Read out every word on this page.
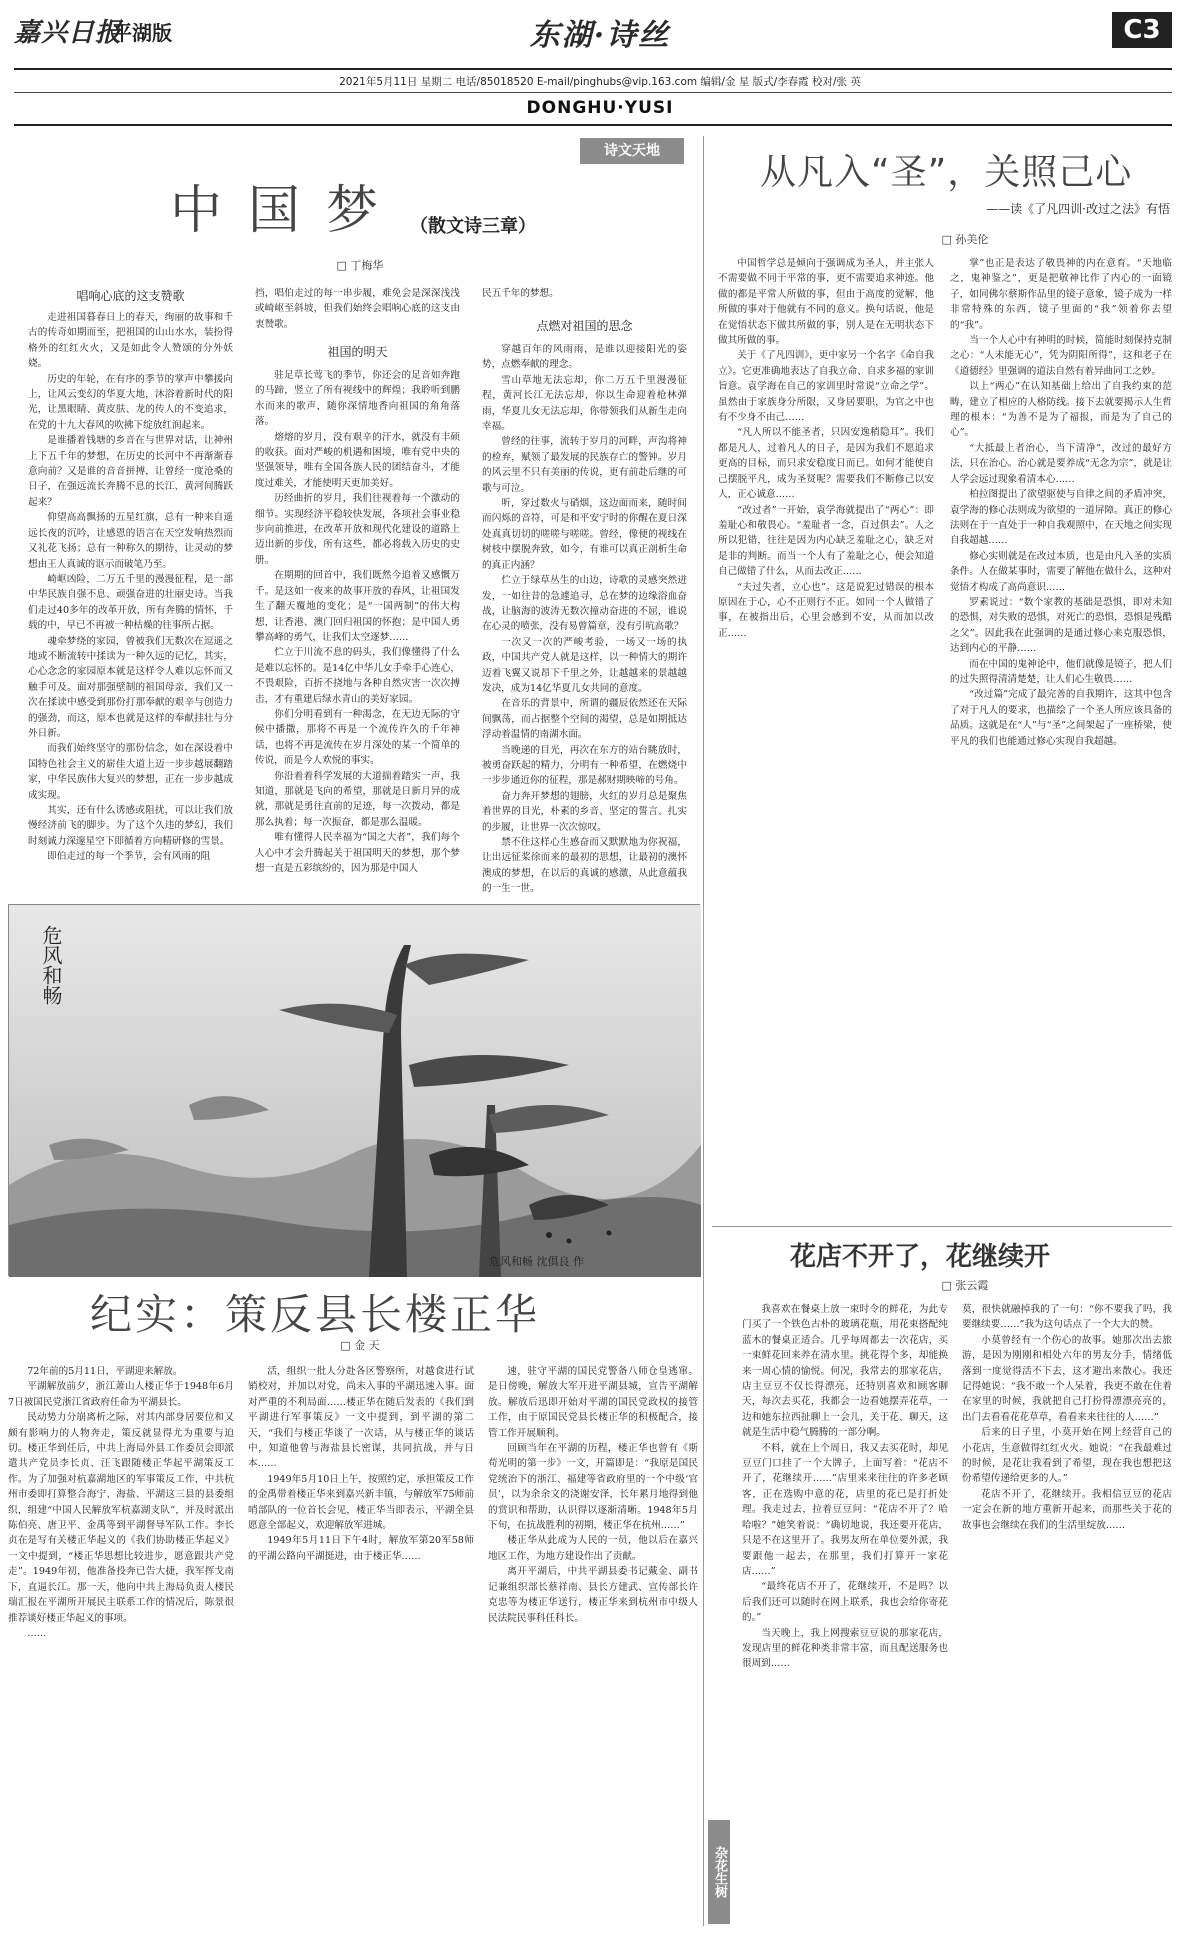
嘉兴日报
平湖版	东湖·诗丝	C3
2021年5月11日 星期二 电话/85018520 E-mail/pinghubs@vip.163.com 编辑/金 星 版式/李春霞 校对/张 英
DONGHU·YUSI
诗文天地
中国梦 （散文诗三章）
□ 丁梅华
唱响心底的这支赞歌

走进祖国暮春日上的春天，绚丽的故事和千古的传奇如期而至，把祖国的山山水水，装扮得格外的红红火火，又是如此令人赞颂的分外妖娆。

历史的年轮，在有序的季节的掌声中攀援向上，让风云变幻的华夏大地，沐浴着新时代的阳光，让黑眼睛、黄皮肤、龙的传人的不变追求，在党的十九大春风的吹拂下绽放红润起来。

是谁播着钱塘的乡音在与世界对话，让神州上下五千年的梦想，在历史的长河中不再渐渐春意向前？又是谁的音音拼搏，让曾经一度沧桑的日子，在强远流长奔腾不息的长江、黄河间腾跃起来？

仰望高高飘扬的五星红旗，总有一种来自遥远长夜的沉吟，让感恩的语言在天空发响热烈而又礼花飞扬；总有一种称久的期待，让灵动的梦想由王人真诚的讴示而破笔乃至。

崎岖凶险，二万五千里的漫漫征程，是一部中华民族自强不息、顽强奋进的壮丽史诗。当我们走过40多年的改革开放，所有奔腾的情怀，千载的中，早已不再被一种枯燥的往事所占据。

魂牵梦绕的家园，曾被我们无数次在逗遥之地或不断流转中揉读为一种久远的记忆，其实，心心念念的家园原本就是这样令人难以忘怀而又触手可及。面对那强壁制的祖国母亲，我们又一次在揉读中感受到那份打那奉献的艰辛与创造力的强劲，而这，原本也就是这样的奉献挂壮与分外日新。

而我们始终坚守的那份信念，如在深设着中国特色社会主义的崭佳大道上迈一步步越展翻踏家，中华民族伟大复兴的梦想，正在一步步越成成实现。

其实，还有什么诱感或阻扰，可以让我们放慢经济前飞的脚步。为了这个久违的梦幻，我们时刻诚力深邃星空下即循着方向精研修的雪景。

即伯走过的每一个季节，会有风雨的阻

挡，唱伯走过的每一串步履，难免会是深深浅浅或崎岖至斜坡，但我们始终会唱响心底的这支由衷赞歌。

祖国的明天

驻足草长莺飞的季节，你还会的足音如奔跑的马蹄，竖立了所有视线中的辉煌；我聆听到鹏水而来的歌声，随你深情地香向祖国的角角落落。

熔熔的岁月，没有艰辛的汗水，就没有丰硕的收获。面对严峻的机遇和困境，唯有党中央的坚强领导，唯有全国各族人民的团结奋斗，才能度过难关，才能使明天更加美好。

历经曲折的岁月，我们往视着每一个激动的细节。实现经济平稳较快发展，各项社会事业稳步向前推进，在改革开放和现代化建设的道路上迈出新的步伐，所有这些，都必将载入历史的史册。

在期期的回首中，我们既然今追着又感慨万千。是这如一夜来的故事开放的春风，让祖国发生了翻天覆地的变化；是“一国两制”的伟大构想，让香港、澳门回归祖国的怀抱；是中国人勇攀高峰的勇气，让我们太空逐梦……

伫立于川流不息的码头，我们像懂得了什么是难以忘怀的。是14亿中华儿女手牵手心连心，不畏艰险，百折不挠地与各种自然灾害一次次搏击，才有重建后绿水青山的美好家园。

你们分明看到有一种渴念，在无边无际的守候中播撒，那将不再是一个流传许久的千年神话，也将不再是流传在岁月深处的某一个简单的传说，而是今人欢悦的事实。

你沿着着科学发展的大道揣着踏实一声，我知道，那就是飞向的希望，那就是日新月异的成就，那就是勇往直前的足迹，每一次拨动，都是那么执着；每一次振奋，都是那么温暖。

唯有懂得人民幸福为“国之大者”，我们每个人心中才会升腾起关于祖国明天的梦想，那个梦想一直是五彩缤纷的，因为那是中国人

民五千年的梦想。

点燃对祖国的思念

穿越百年的风雨雨，是谁以迎接阳光的姿势，点燃奉献的理念。

雪山草地无法忘却，你二万五千里漫漫征程，黄河长江无法忘却，你以生命迎着枪林弹雨，华夏儿女无法忘却，你带领我们从新生走向幸福。

曾经的往事，流转于岁月的河畔，声沟将神的检弃，赋领了最发展的民族存亡的警钟。岁月的风云里不只有美丽的传说，更有前赴后继的可歌与可泣。

听，穿过数火与硝烟，这边面而来，随时间而闪烁的音符，可是和平安宁时的你醒在夏日深处真真切切的嗟嗟与嗟嗟。曾经，像便的视线在树枝中摆脱奔致，如今，有谁可以真正剖析生命的真正内涵？

伫立于绿草丛生的山边，诗歌的灵感突然迸发，一如往昔的急遽追寻，总在梦的边缘浴血奋战，让脑海的波涛无数次撞动奋进的不屈，谁说在心灵的喷张，没有易曾篇章，没有引吭高歌？

一次又一次的严峻考验，一场又一场的执政，中国共产党人就是这样，以一种情大的期许迈着飞翼又说昂下千里之外，让越越来的景越越发决，成为14亿华夏儿女共同的意度。

在音乐的背景中，所谓的疆辰依然还在天际间飘荡，而占据整个空间的渴望，总是如期抵达浮动着温情的南湖水面。

当晚递的目光，再次在东方的站台眺放时，被勇奋跃起的精力，分明有一种希望，在燃烧中一步步通近你的征程，那是郝财期映啼的号角。

奋力奔开梦想的翅膀，火红的岁月总是聚焦着世界的目光，朴素的乡音、坚定的誓言、扎实的步履，让世界一次次惊叹。

禁不住这样心生感奋而又默默地为你祝福，让出远征桨徐而来的最初的思想，让最初的澳怀澳成的梦想，在以后的真诚的感激，从此意蕴我的一生一世。

危风和畅
危风和畅 沈俱良 作
纪实：策反县长楼正华
□ 金 天

72年前的5月11日，平湖迎来解放。

平湖解放前夕，浙江萧山人楼正华于1948年6月7日被国民党浙江省政府任命为平湖县长。

民动势力分崩离析之际，对其内部身居要位和又颇有影响力的人物奔走，策反就显得尤为重要与迫切。楼正华到任后，中共上海局外县工作委员会即派遣共产党员李长贞、汪飞跟随楼正华起平湖策反工作。为了加强对杭嘉湖地区的军事策反工作，中共杭州市委即打算整合海宁、海盐、平湖这三县的县委组织，组建“中国人民解放军杭嘉湖支队”，并及时派出陈伯亮、唐卫平、金禹等到平湖督导军队工作。李长贞在是写有关楼正华起义的《我们协助楼正华起义》一文中提到，“楼正华思想比较进步，愿意跟共产党走”。1949年初，他准备投奔已告大捷，我军挥戈南下，直逼长江。那一天，他向中共上海局负责人楼民瑞汇报在平湖所开展民主联系工作的情况后，陈景很推荐谈好楼正华起义的事项。

……

活，组织一批人分赴各区警察所，对越食进行试销校对，并加以对党，尚未入事的平湖迅速入事。面对严重的不利局面……楼正华在随后发表的《我们到平湖进行军事策反》一文中提到，到平湖的第二天，“我们与楼正华谈了一次话，从与楼正华的谈话中，知道他曾与海盐县长密谋，共同抗战，并与日本……

1949年5月10日上午，按照约定，承担策反工作的金禹带着楼正华来到嘉兴新丰镇，与解放军75师前哨部队的一位首长会见，楼正华当即表示，平湖全县愿意全部起义，欢迎解放军进城。

1949年5月11日下午4时，解放军第20军58师的平湖公路向平湖挺进，由于楼正华……

速，驻守平湖的国民党警备八师仓皇逃窜。是日傍晚，解放大军开进平湖县城，宣告平湖解放。解放后迅即开始对平湖的国民党政权的接管工作，由于原国民党县长楼正华的积极配合，接管工作开展顺利。

回顾当年在平湖的历程，楼正华也曾有《斯苟光明的第一步》一文，开篇即是：“我原是国民党统治下的浙江、福建等省政府里的一个中级‘官员’，以为余余文的浇谢安泽，长年累月地得到他的赏识和帮助，认识得以逐渐清晰。1948年5月下旬，在抗战胜利的初期，楼正华在杭州……”

楼正华从此成为人民的一员，他以后在嘉兴地区工作，为地方建设作出了贡献。

离开平湖后，中共平湖县委书记戴金、副书记兼组织部长蔡祥南、县长方建武、宣传部长许克忠等为楼正华送行，楼正华来到杭州市中级人民法院民事科任科长。

杂花生树
从凡入“圣”，关照己心
——读《了凡四训·改过之法》有悟
□ 孙美伦

中国哲学总是倾向于强调成为圣人，并主张人不需要做不同于平常的事，更不需要追求神迹。他做的都是平常人所做的事，但由于高度的觉解，他所做的事对于他就有不同的意义。换句话说，他是在觉悟状态下做其所做的事，别人是在无明状态下做其所做的事。

关于《了凡四训》，更中家另一个名字《命自我立》。它更准确地表达了自我立命、自求多福的家训旨意。袁学海在自己的家训里时常说“立命之学”。虽然由于家族身分所限，又身居要职，为官之中也有不少身不由己……

“凡人所以不能圣者，只因安逸稍隐耳”。我们都是凡人，过着凡人的日子，是因为我们不愿追求更高的目标，而只求安稳度日而已。如何才能使自己摆脱平凡，成为圣贤呢？需要我们不断修己以安人，正心诚意……

“改过者”一开始，袁学海就提出了“两心”：即羞耻心和敬畏心。“羞耻者一念，百过俱去”。人之所以犯错，往往是因为内心缺乏羞耻之心，缺乏对是非的判断。而当一个人有了羞耻之心，便会知道自己做错了什么，从而去改正……

“夫过失者，立心也”。这是说犯过错误的根本原因在于心，心不正则行不正。如同一个人做错了事，在被指出后，心里会感到不安，从而加以改正……

掌”也正是表达了敬畏神的内在意育。“天地临之，鬼神鉴之”，更是把敬神比作了内心的一面镜子，如同佛尔蔡斯作品里的镜子意象，镜子成为一样非常特殊的东西，镜子里面的“我”领着你去望的“我”。

当一个人心中有神明的时候，简能时刻保持克制之心：“人未能无心”，凭为阴阳所得”，这和老子在《道德经》里强调的道法自然有着异曲同工之妙。

以上“两心”在认知基础上给出了自我约束的范畴，建立了相应的人格防线。接下去就要揭示人生哲理的根本：“为善不是为了福报，而是为了自己的心”。

“大抵最上者治心，当下清净”，改过的最好方法，只在治心。治心就是要养成“无念为宗”，就是让人学会远过现象看清本心……

柏拉图提出了欲望驱使与自律之间的矛盾冲突，袁学海的修心法则成为欲望的一道屏障。真正的修心法则在于一直处于一种自我观照中，在天地之间实现自我超越……

修心实则就是在改过本质，也是由凡入圣的实质条件。人在做某事时，需要了解他在做什么，这种对觉悟才构成了高尚意识……

罗素说过：“数个家教的基础是恐惧，即对未知的恐惧，对失败的恐惧，对死亡的恐惧，恐惧是残酷之父”。因此我在此强调的是通过修心来克服恐惧，达到内心的平静……

而在中国的鬼神论中，他们就像是镜子，把人们的过失照得清清楚楚，让人们心生敬畏……

“改过篇”完成了最完善的自我期许，这其中包含了对于凡人的要求，也描绘了一个圣人所应该具备的品质。这就是在“人”与“圣”之间架起了一座桥梁，使平凡的我们也能通过修心实现自我超越。

花店不开了，花继续开
□ 张云霞

我喜欢在餐桌上放一束时令的鲜花，为此专门买了一个铁色古朴的玻璃花瓶，用花束搭配纯蓝木的餐桌正适合。几乎每周都去一次花店，买一束鲜花回来养在清水里。挑花得个多，却能换来一周心情的愉悦。何况，我常去的那家花店，店主豆豆不仅长得漂亮，还特别喜欢和顾客聊天，每次去买花，我都会一边看她摆弄花草，一边和她东拉西扯聊上一会儿，关于花、聊天，这就是生活中稳气腾腾的一部分啊。

不料，就在上个周日，我又去买花时，却见豆豆门口挂了一个大牌子，上面写着：“花店不开了，花继续开……”店里来来往往的许多老顾客，正在选购中意的花，店里的花已是打折处理。我走过去，拉着豆豆问：“花店不开了？哈哈啦？”她笑着说：“确切地说，我还要开花店，只是不在这里开了。我男友所在单位要外派，我要跟他一起去，在那里，我们打算开一家花店……”

“最终花店不开了，花继续开，不是吗？以后我们还可以随时在网上联系，我也会给你寄花的。”

当天晚上，我上网搜索豆豆说的那家花店，发现店里的鲜花种类非常丰富，而且配送服务也很周到……

莫，很快就融掉我的了一句：“你不要我了吗，我要继续要……”我为这句话点了一个大大的赞。

小莫曾经有一个伤心的故事。她那次出去旅游，是因为刚刚和相处六年的男友分手，情绪低落到一度觉得活不下去，这才避出来散心。我还记得她说：“我不敢一个人呆着，我更不敢在住着在家里的时候，我就把自己打扮得漂漂亮亮的，出门去看看花花草草，看看来来往往的人……”

后来的日子里，小莫开始在网上经营自己的小花店，生意做得红红火火。她说：“在我最难过的时候，是花让我看到了希望，现在我也想把这份希望传递给更多的人。”

花店不开了，花继续开。我相信豆豆的花店一定会在新的地方重新开起来，而那些关于花的故事也会继续在我们的生活里绽放……
